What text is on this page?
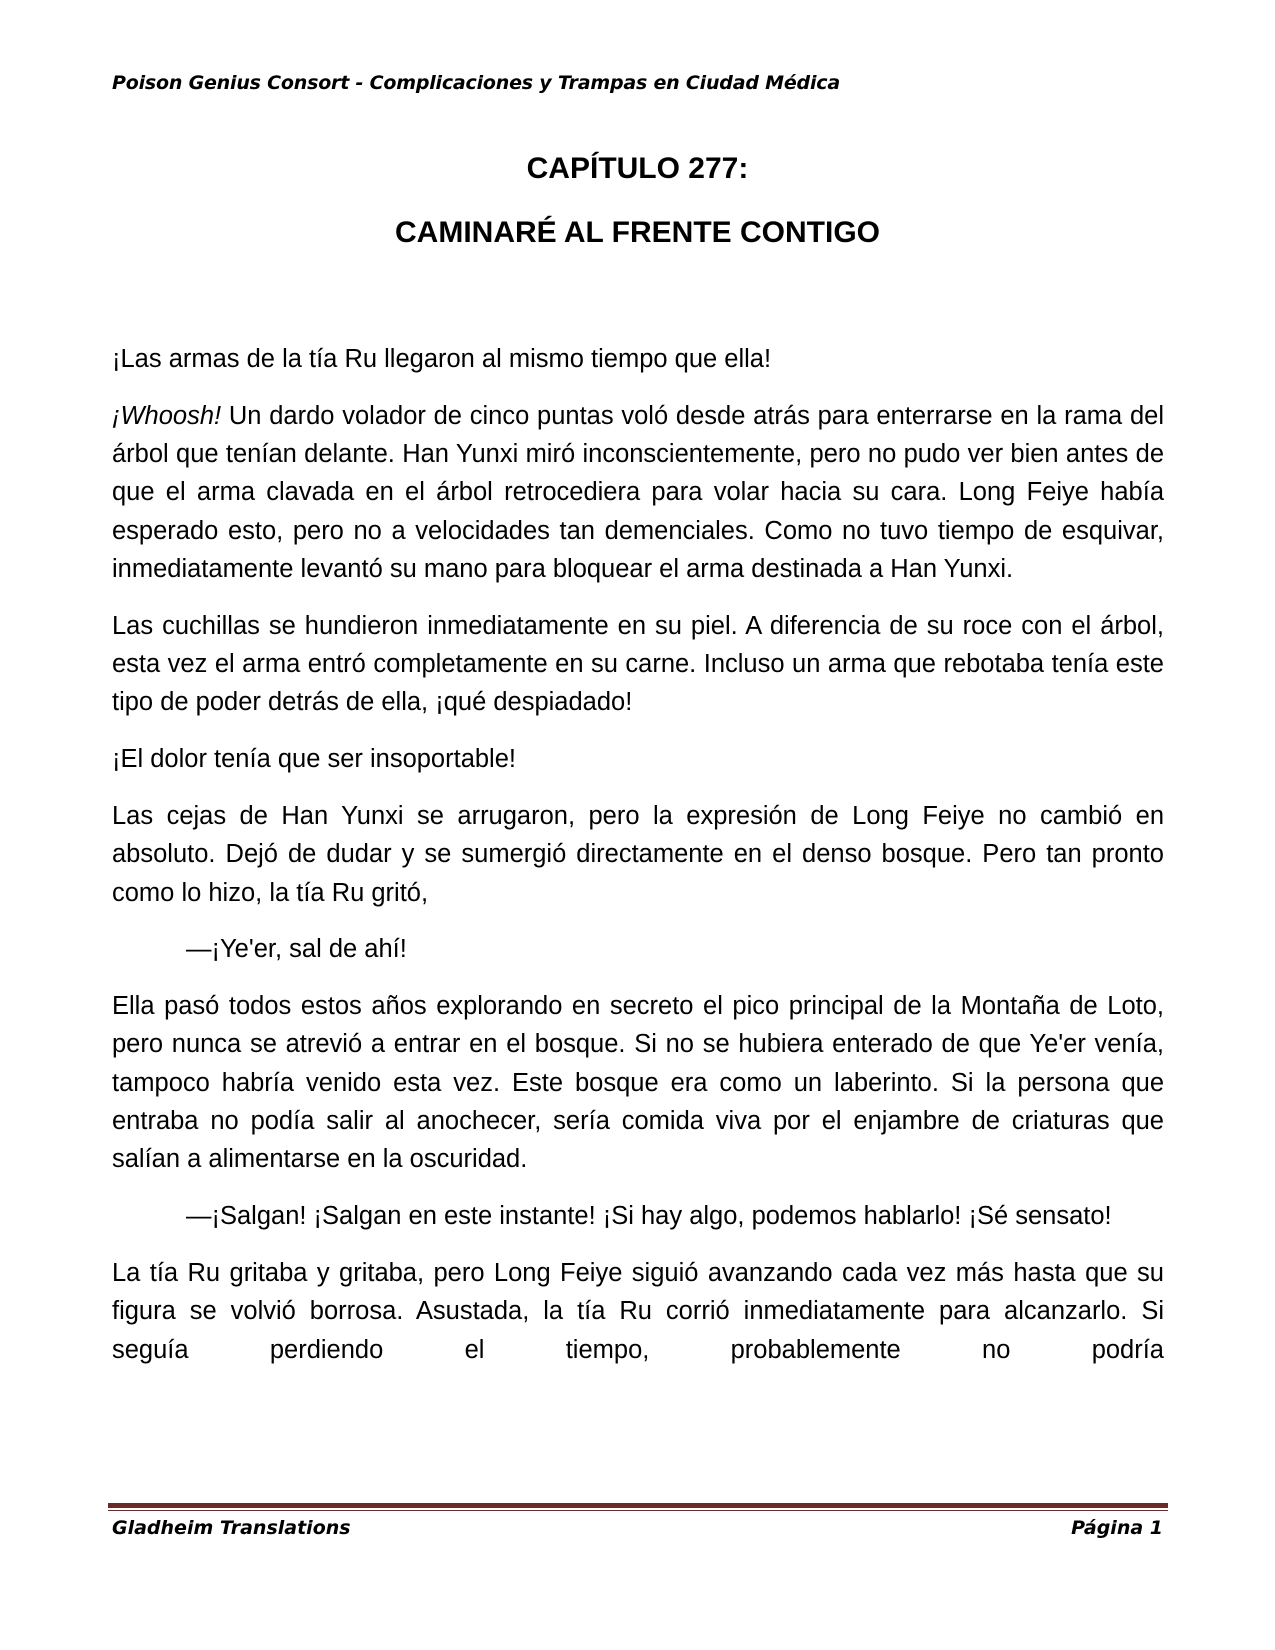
Poison Genius Consort - Complicaciones y Trampas en Ciudad Médica
CAPÍTULO 277:
CAMINARÉ AL FRENTE CONTIGO

¡Las armas de la tía Ru llegaron al mismo tiempo que ella!

¡Whoosh! Un dardo volador de cinco puntas voló desde atrás para enterrarse en la rama del árbol que tenían delante. Han Yunxi miró inconscientemente, pero no pudo ver bien antes de que el arma clavada en el árbol retrocediera para volar hacia su cara. Long Feiye había esperado esto, pero no a velocidades tan demenciales. Como no tuvo tiempo de esquivar, inmediatamente levantó su mano para bloquear el arma destinada a Han Yunxi.

Las cuchillas se hundieron inmediatamente en su piel. A diferencia de su roce con el árbol, esta vez el arma entró completamente en su carne. Incluso un arma que rebotaba tenía este tipo de poder detrás de ella, ¡qué despiadado!

¡El dolor tenía que ser insoportable!

Las cejas de Han Yunxi se arrugaron, pero la expresión de Long Feiye no cambió en absoluto. Dejó de dudar y se sumergió directamente en el denso bosque. Pero tan pronto como lo hizo, la tía Ru gritó,

—¡Ye'er, sal de ahí!

Ella pasó todos estos años explorando en secreto el pico principal de la Montaña de Loto, pero nunca se atrevió a entrar en el bosque. Si no se hubiera enterado de que Ye'er venía, tampoco habría venido esta vez. Este bosque era como un laberinto. Si la persona que entraba no podía salir al anochecer, sería comida viva por el enjambre de criaturas que salían a alimentarse en la oscuridad.

—¡Salgan! ¡Salgan en este instante! ¡Si hay algo, podemos hablarlo! ¡Sé sensato!

La tía Ru gritaba y gritaba, pero Long Feiye siguió avanzando cada vez más hasta que su figura se volvió borrosa. Asustada, la tía Ru corrió inmediatamente para alcanzarlo. Si seguía perdiendo el tiempo, probablemente no podría

Gladheim Translations	Página 1
